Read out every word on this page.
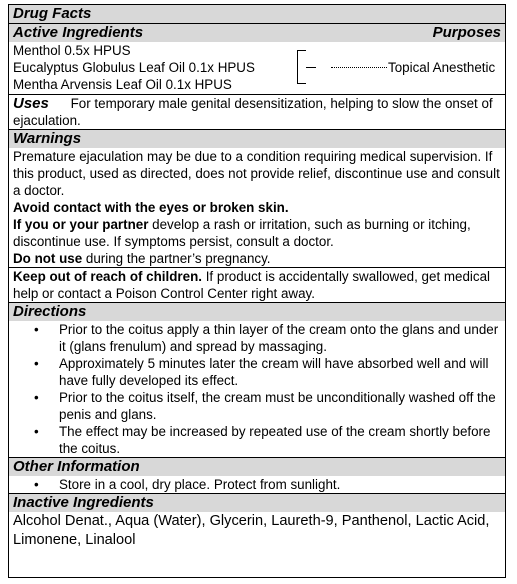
Drug Facts
Active Ingredients	Purposes
Menthol 0.5x HPUS
Eucalyptus Globulus Leaf Oil 0.1x HPUS
Mentha Arvensis Leaf Oil 0.1x HPUS
Topical Anesthetic
Uses For temporary male genital desensitization, helping to slow the onset of ejaculation.
Warnings
Premature ejaculation may be due to a condition requiring medical supervision. If this product, used as directed, does not provide relief, discontinue use and consult a doctor.
Avoid contact with the eyes or broken skin.
If you or your partner develop a rash or irritation, such as burning or itching, discontinue use. If symptoms persist, consult a doctor.
Do not use during the partner’s pregnancy.
Keep out of reach of children. If product is accidentally swallowed, get medical help or contact a Poison Control Center right away.
Directions
• Prior to the coitus apply a thin layer of the cream onto the glans and under it (glans frenulum) and spread by massaging.
• Approximately 5 minutes later the cream will have absorbed well and will have fully developed its effect.
• Prior to the coitus itself, the cream must be unconditionally washed off the penis and glans.
• The effect may be increased by repeated use of the cream shortly before the coitus.
Other Information
• Store in a cool, dry place. Protect from sunlight.
Inactive Ingredients
Alcohol Denat., Aqua (Water), Glycerin, Laureth-9, Panthenol, Lactic Acid, Limonene, Linalool
